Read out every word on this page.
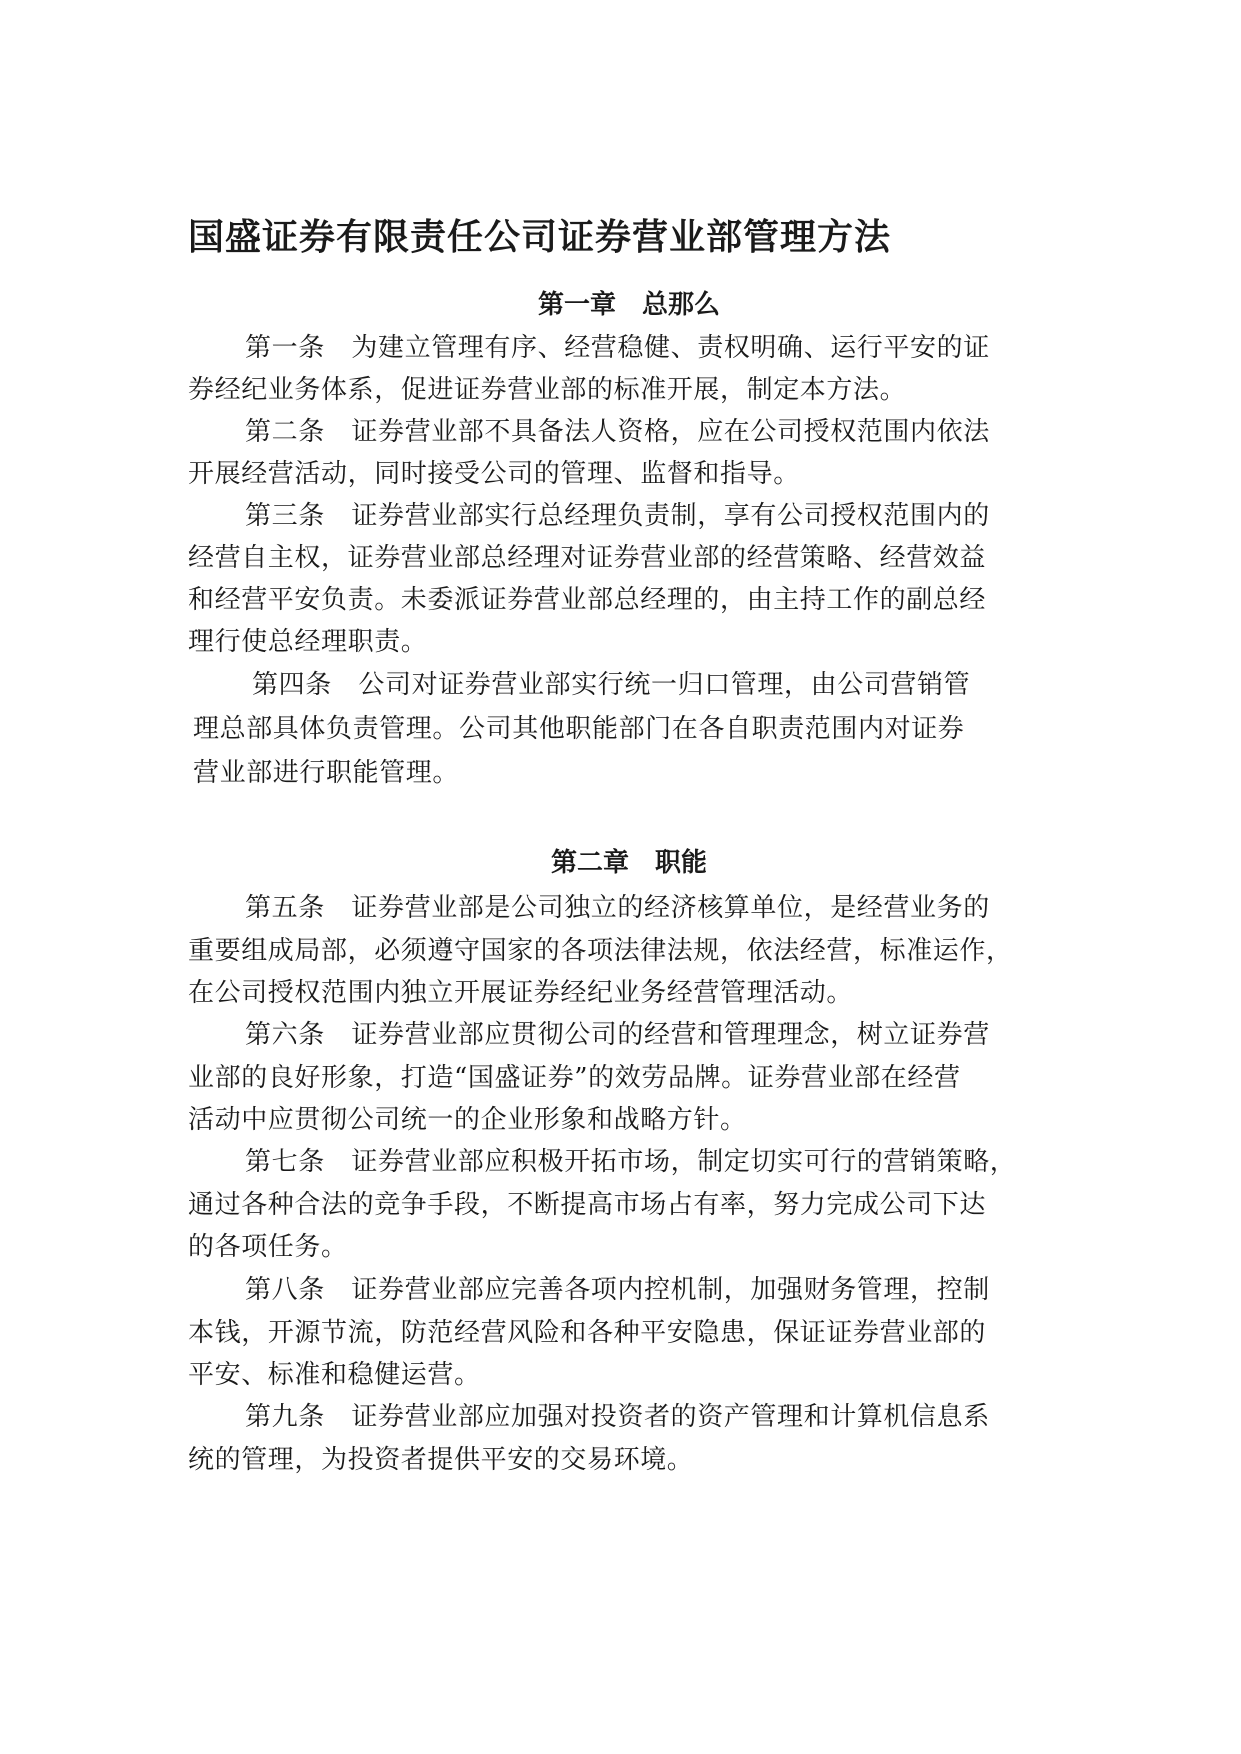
国盛证券有限责任公司证券营业部管理方法
第一章　总那么
第一条　为建立管理有序、经营稳健、责权明确、运行平安的证
券经纪业务体系，促进证券营业部的标准开展，制定本方法。
第二条　证券营业部不具备法人资格，应在公司授权范围内依法
开展经营活动，同时接受公司的管理、监督和指导。
第三条　证券营业部实行总经理负责制，享有公司授权范围内的
经营自主权，证券营业部总经理对证券营业部的经营策略、经营效益
和经营平安负责。未委派证券营业部总经理的，由主持工作的副总经
理行使总经理职责。
第四条　公司对证券营业部实行统一归口管理，由公司营销管
理总部具体负责管理。公司其他职能部门在各自职责范围内对证券
营业部进行职能管理。
第二章　职能
第五条　证券营业部是公司独立的经济核算单位，是经营业务的
重要组成局部，必须遵守国家的各项法律法规，依法经营，标准运作，
在公司授权范围内独立开展证券经纪业务经营管理活动。
第六条　证券营业部应贯彻公司的经营和管理理念，树立证券营
业部的良好形象，打造“国盛证券”的效劳品牌。证券营业部在经营
活动中应贯彻公司统一的企业形象和战略方针。
第七条　证券营业部应积极开拓市场，制定切实可行的营销策略，
通过各种合法的竞争手段，不断提高市场占有率，努力完成公司下达
的各项任务。
第八条　证券营业部应完善各项内控机制，加强财务管理，控制
本钱，开源节流，防范经营风险和各种平安隐患，保证证券营业部的
平安、标准和稳健运营。
第九条　证券营业部应加强对投资者的资产管理和计算机信息系
统的管理，为投资者提供平安的交易环境。
